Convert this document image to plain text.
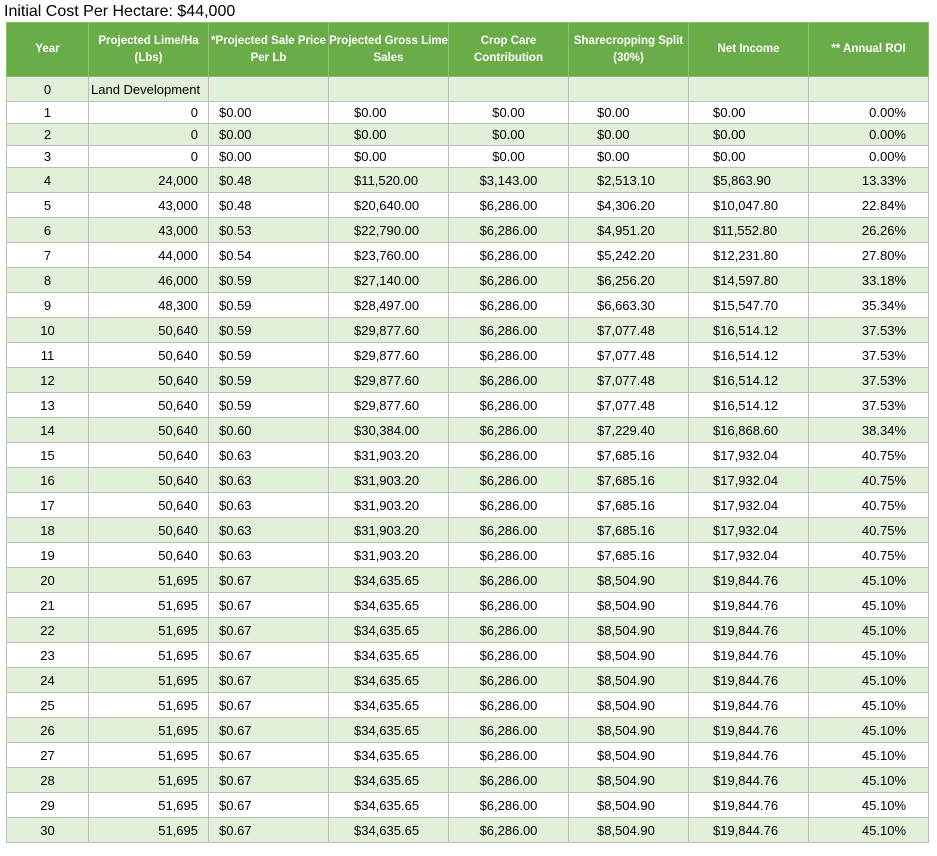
Initial Cost Per Hectare: $44,000
Year	Projected Lime/Ha (Lbs)	*Projected Sale Price Per Lb	Projected Gross Lime Sales	Crop Care Contribution	Sharecropping Split (30%)	Net Income	** Annual ROI
0	Land Development						
1	0	$0.00	$0.00	$0.00	$0.00	$0.00	0.00%
2	0	$0.00	$0.00	$0.00	$0.00	$0.00	0.00%
3	0	$0.00	$0.00	$0.00	$0.00	$0.00	0.00%
4	24,000	$0.48	$11,520.00	$3,143.00	$2,513.10	$5,863.90	13.33%
5	43,000	$0.48	$20,640.00	$6,286.00	$4,306.20	$10,047.80	22.84%
6	43,000	$0.53	$22,790.00	$6,286.00	$4,951.20	$11,552.80	26.26%
7	44,000	$0.54	$23,760.00	$6,286.00	$5,242.20	$12,231.80	27.80%
8	46,000	$0.59	$27,140.00	$6,286.00	$6,256.20	$14,597.80	33.18%
9	48,300	$0.59	$28,497.00	$6,286.00	$6,663.30	$15,547.70	35.34%
10	50,640	$0.59	$29,877.60	$6,286.00	$7,077.48	$16,514.12	37.53%
11	50,640	$0.59	$29,877.60	$6,286.00	$7,077.48	$16,514.12	37.53%
12	50,640	$0.59	$29,877.60	$6,286.00	$7,077.48	$16,514.12	37.53%
13	50,640	$0.59	$29,877.60	$6,286.00	$7,077.48	$16,514.12	37.53%
14	50,640	$0.60	$30,384.00	$6,286.00	$7,229.40	$16,868.60	38.34%
15	50,640	$0.63	$31,903.20	$6,286.00	$7,685.16	$17,932.04	40.75%
16	50,640	$0.63	$31,903.20	$6,286.00	$7,685.16	$17,932.04	40.75%
17	50,640	$0.63	$31,903.20	$6,286.00	$7,685.16	$17,932.04	40.75%
18	50,640	$0.63	$31,903.20	$6,286.00	$7,685.16	$17,932.04	40.75%
19	50,640	$0.63	$31,903.20	$6,286.00	$7,685.16	$17,932.04	40.75%
20	51,695	$0.67	$34,635.65	$6,286.00	$8,504.90	$19,844.76	45.10%
21	51,695	$0.67	$34,635.65	$6,286.00	$8,504.90	$19,844.76	45.10%
22	51,695	$0.67	$34,635.65	$6,286.00	$8,504.90	$19,844.76	45.10%
23	51,695	$0.67	$34,635.65	$6,286.00	$8,504.90	$19,844.76	45.10%
24	51,695	$0.67	$34,635.65	$6,286.00	$8,504.90	$19,844.76	45.10%
25	51,695	$0.67	$34,635.65	$6,286.00	$8,504.90	$19,844.76	45.10%
26	51,695	$0.67	$34,635.65	$6,286.00	$8,504.90	$19,844.76	45.10%
27	51,695	$0.67	$34,635.65	$6,286.00	$8,504.90	$19,844.76	45.10%
28	51,695	$0.67	$34,635.65	$6,286.00	$8,504.90	$19,844.76	45.10%
29	51,695	$0.67	$34,635.65	$6,286.00	$8,504.90	$19,844.76	45.10%
30	51,695	$0.67	$34,635.65	$6,286.00	$8,504.90	$19,844.76	45.10%
